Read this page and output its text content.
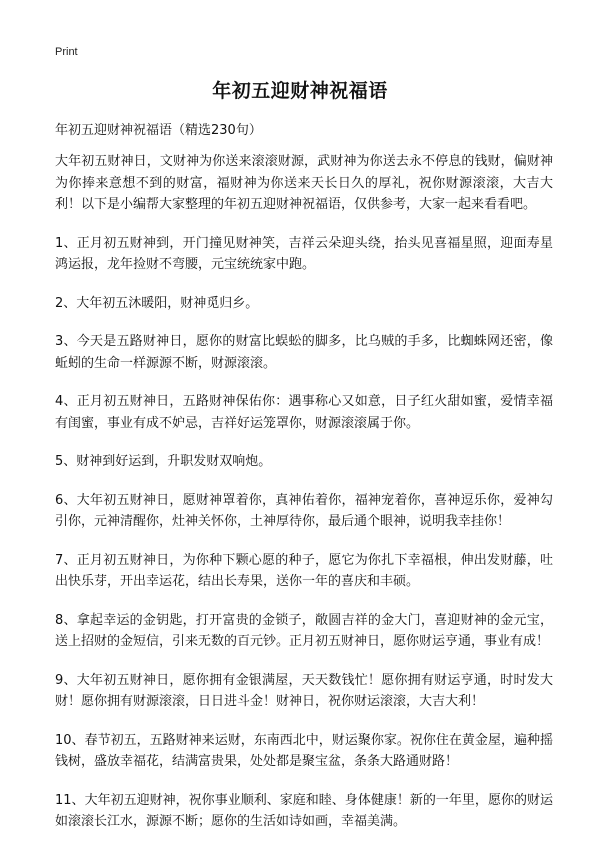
Print
年初五迎财神祝福语
年初五迎财神祝福语（精选230句）

大年初五财神日，文财神为你送来滚滚财源，武财神为你送去永不停息的钱财，偏财神为你捧来意想不到的财富，福财神为你送来天长日久的厚礼，祝你财源滚滚，大吉大利！以下是小编帮大家整理的年初五迎财神祝福语，仅供参考，大家一起来看看吧。

1、正月初五财神到，开门撞见财神笑，吉祥云朵迎头绕，抬头见喜福星照，迎面寿星鸿运报，龙年捡财不弯腰，元宝统统家中跑。

2、大年初五沐暖阳，财神觅归乡。

3、今天是五路财神日，愿你的财富比蜈蚣的脚多，比乌贼的手多，比蜘蛛网还密，像蚯蚓的生命一样源源不断，财源滚滚。

4、正月初五财神日，五路财神保佑你：遇事称心又如意，日子红火甜如蜜，爱情幸福有闺蜜，事业有成不妒忌，吉祥好运笼罩你，财源滚滚属于你。

5、财神到好运到，升职发财双响炮。

6、大年初五财神日，愿财神罩着你，真神佑着你，福神宠着你，喜神逗乐你，爱神勾引你，元神清醒你，灶神关怀你，土神厚待你，最后通个眼神，说明我幸挂你！

7、正月初五财神日，为你种下颗心愿的种子，愿它为你扎下幸福根，伸出发财藤，吐出快乐芽，开出幸运花，结出长寿果，送你一年的喜庆和丰硕。

8、拿起幸运的金钥匙，打开富贵的金锁子，敞圆吉祥的金大门，喜迎财神的金元宝，送上招财的金短信，引来无数的百元钞。正月初五财神日，愿你财运亨通，事业有成！

9、大年初五财神日，愿你拥有金银满屋，天天数钱忙！愿你拥有财运亨通，时时发大财！愿你拥有财源滚滚，日日进斗金！财神日，祝你财运滚滚，大吉大利！

10、春节初五，五路财神来运财，东南西北中，财运聚你家。祝你住在黄金屋，遍种摇钱树，盛放幸福花，结满富贵果，处处都是聚宝盆，条条大路通财路！

11、大年初五迎财神，祝你事业顺利、家庭和睦、身体健康！新的一年里，愿你的财运如滚滚长江水，源源不断；愿你的生活如诗如画，幸福美满。
